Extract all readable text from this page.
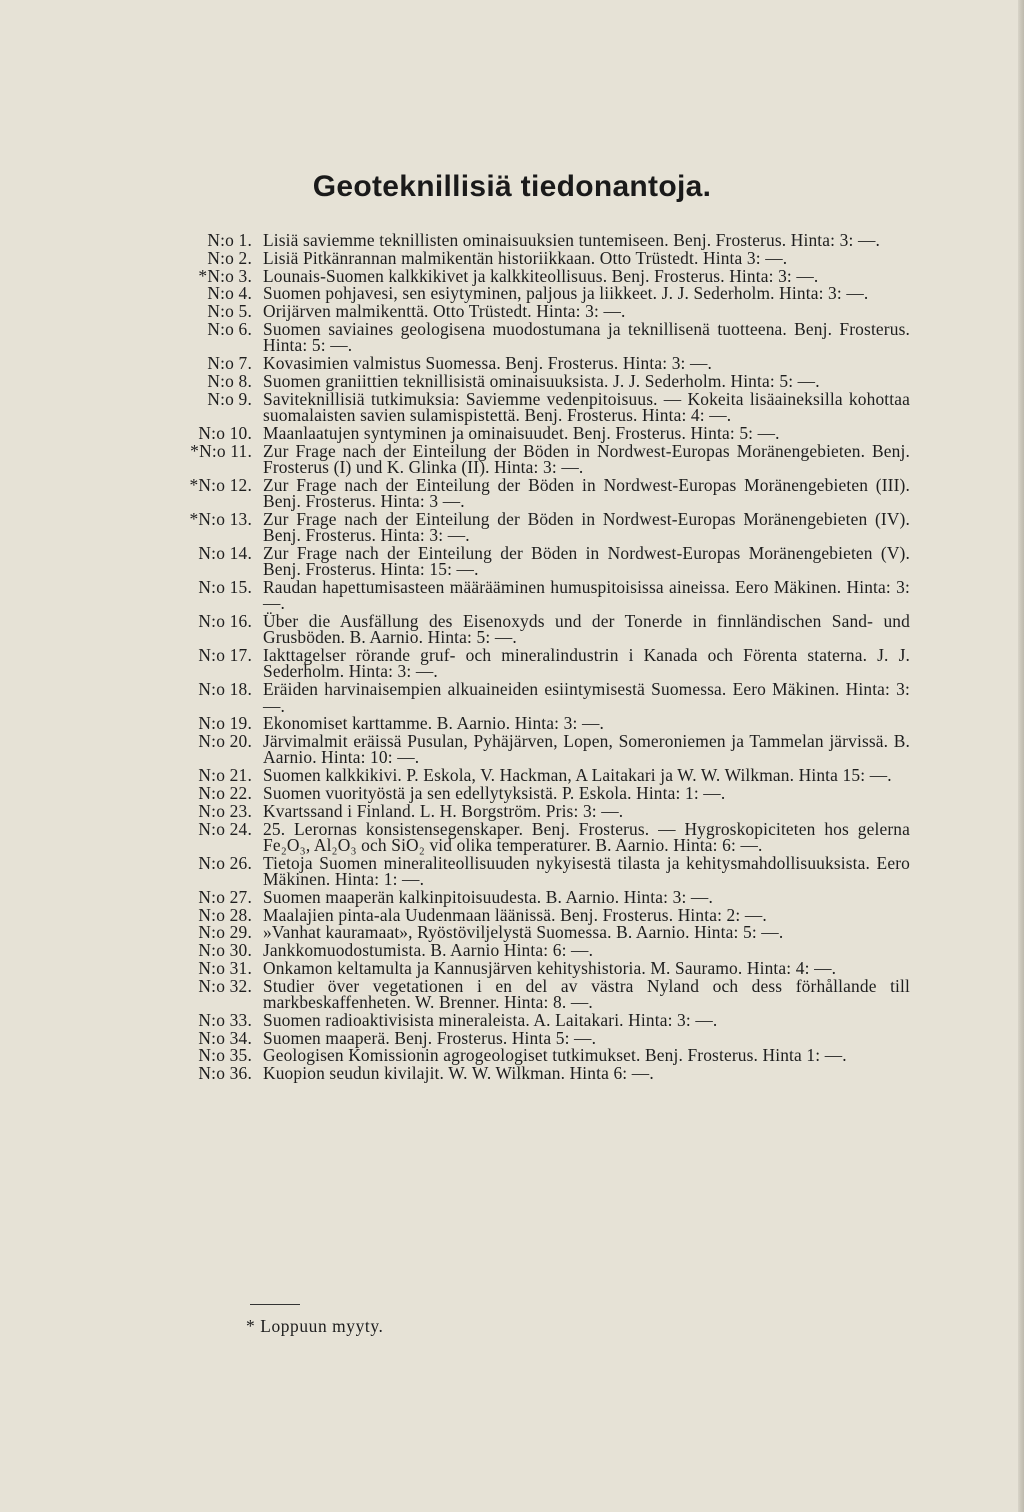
Geoteknillisiä tiedonantoja.
N:o 1. Lisiä saviemme teknillisten ominaisuuksien tuntemiseen. Benj. Frosterus. Hinta: 3: —.
N:o 2. Lisiä Pitkänrannan malmikentän historiikkaan. Otto Trüstedt. Hinta 3: —.
*N:o 3. Lounais-Suomen kalkkikivet ja kalkkiteollisuus. Benj. Frosterus. Hinta: 3: —.
N:o 4. Suomen pohjavesi, sen esiytyminen, paljous ja liikkeet. J. J. Sederholm. Hinta: 3: —.
N:o 5. Orijärven malmikenttä. Otto Trüstedt. Hinta: 3: —.
N:o 6. Suomen saviaines geologisena muodostumana ja teknillisenä tuotteena. Benj. Frosterus. Hinta: 5: —.
N:o 7. Kovasimien valmistus Suomessa. Benj. Frosterus. Hinta: 3: —.
N:o 8. Suomen graniittien teknillisistä ominaisuuksista. J. J. Sederholm. Hinta: 5: —.
N:o 9. Saviteknillisiä tutkimuksia: Saviemme vedenpitoisuus. — Kokeita lisäaineksilla kohottaa suomalaisten savien sulamispistettä. Benj. Frosterus. Hinta: 4: —.
N:o 10. Maanlaatujen syntyminen ja ominaisuudet. Benj. Frosterus. Hinta: 5: —.
*N:o 11. Zur Frage nach der Einteilung der Böden in Nordwest-Europas Moränengebieten. Benj. Frosterus (I) und K. Glinka (II). Hinta: 3: —.
*N:o 12. Zur Frage nach der Einteilung der Böden in Nordwest-Europas Moränengebieten (III). Benj. Frosterus. Hinta: 3 —.
*N:o 13. Zur Frage nach der Einteilung der Böden in Nordwest-Europas Moränengebieten (IV). Benj. Frosterus. Hinta: 3: —.
N:o 14. Zur Frage nach der Einteilung der Böden in Nordwest-Europas Moränengebieten (V). Benj. Frosterus. Hinta: 15: —.
N:o 15. Raudan hapettumisasteen määrääminen humuspitoisissa aineissa. Eero Mäkinen. Hinta: 3: —.
N:o 16. Über die Ausfällung des Eisenoxyds und der Tonerde in finnländischen Sand- und Grusböden. B. Aarnio. Hinta: 5: —.
N:o 17. Iakttagelser rörande gruf- och mineralindustrin i Kanada och Förenta staterna. J. J. Sederholm. Hinta: 3: —.
N:o 18. Eräiden harvinaisempien alkuaineiden esiintymisestä Suomessa. Eero Mäkinen. Hinta: 3: —.
N:o 19. Ekonomiset karttamme. B. Aarnio. Hinta: 3: —.
N:o 20. Järvimalmit eräissä Pusulan, Pyhäjärven, Lopen, Someroniemen ja Tammelan järvissä. B. Aarnio. Hinta: 10: —.
N:o 21. Suomen kalkkikivi. P. Eskola, V. Hackman, A Laitakari ja W. W. Wilkman. Hinta 15: —.
N:o 22. Suomen vuorityöstä ja sen edellytyksistä. P. Eskola. Hinta: 1: —.
N:o 23. Kvartssand i Finland. L. H. Borgström. Pris: 3: —.
N:o 24. 25. Lerornas konsistensegenskaper. Benj. Frosterus. — Hygroskopiciteten hos gelerna Fe₂O₃, Al₂O₃ och SiO₂ vid olika temperaturer. B. Aarnio. Hinta: 6: —.
N:o 26. Tietoja Suomen mineraliteollisuuden nykyisestä tilasta ja kehitysmahdollisuuksista. Eero Mäkinen. Hinta: 1: —.
N:o 27. Suomen maaperän kalkinpitoisuudesta. B. Aarnio. Hinta: 3: —.
N:o 28. Maalajien pinta-ala Uudenmaan läänissä. Benj. Frosterus. Hinta: 2: —.
N:o 29. »Vanhat kauramaat», Ryöstöviljelystä Suomessa. B. Aarnio. Hinta: 5: —.
N:o 30. Jankkomuodostumista. B. Aarnio Hinta: 6: —.
N:o 31. Onkamon keltamulta ja Kannusjärven kehityshistoria. M. Sauramo. Hinta: 4: —.
N:o 32. Studier över vegetationen i en del av västra Nyland och dess förhållande till markbeskaffenheten. W. Brenner. Hinta: 8. —.
N:o 33. Suomen radioaktivisista mineraleista. A. Laitakari. Hinta: 3: —.
N:o 34. Suomen maaperä. Benj. Frosterus. Hinta 5: —.
N:o 35. Geologisen Komissionin agrogeologiset tutkimukset. Benj. Frosterus. Hinta 1: —.
N:o 36. Kuopion seudun kivilajit. W. W. Wilkman. Hinta 6: —.
* Loppuun myyty.
